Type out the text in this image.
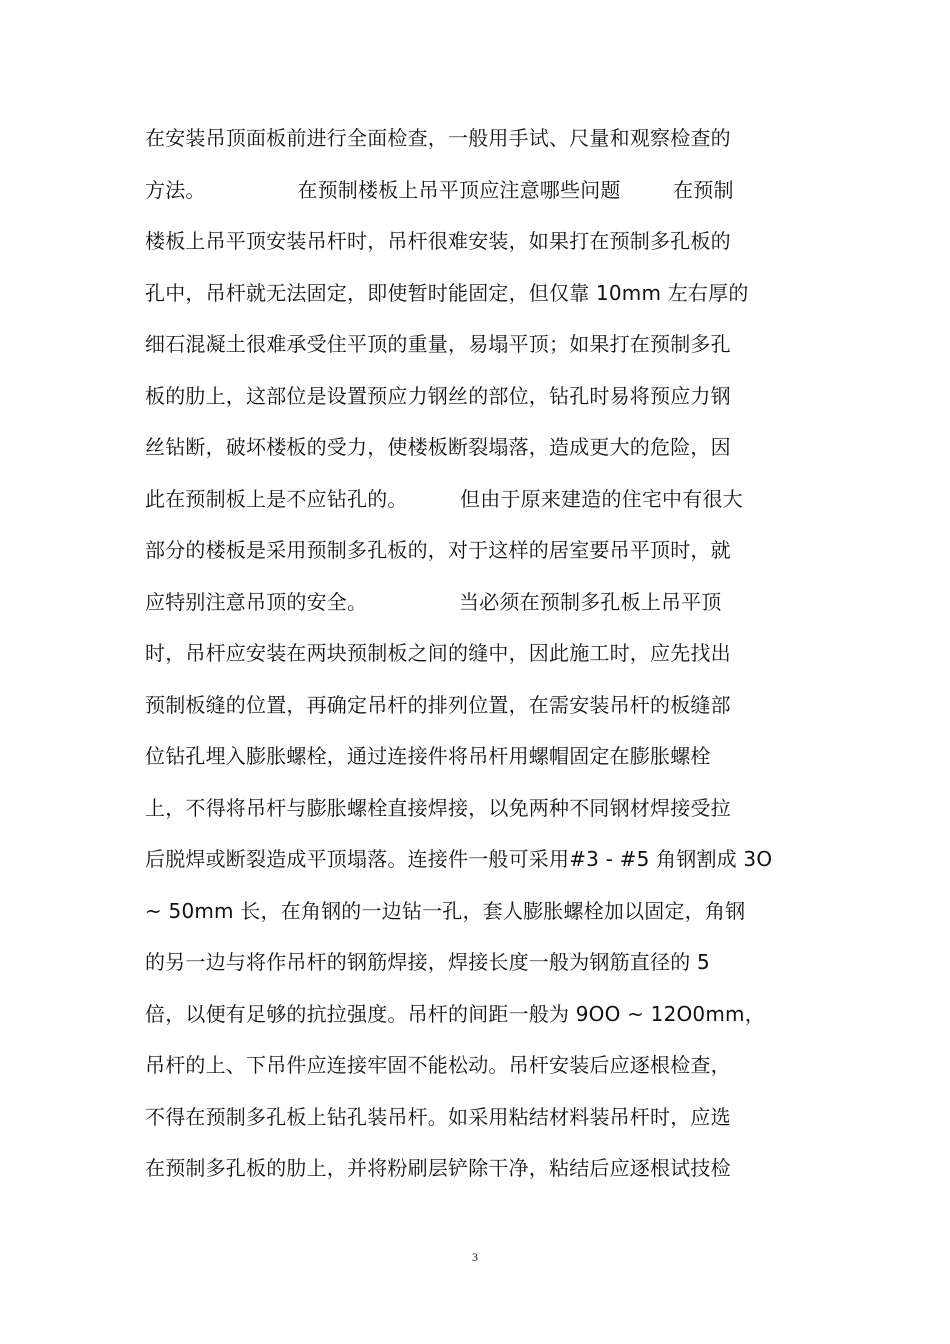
在安装吊顶面板前进行全面检查，一般用手试、尺量和观察检查的
方法。              在预制楼板上吊平顶应注意哪些问题        在预制
楼板上吊平顶安装吊杆时，吊杆很难安装，如果打在预制多孔板的
孔中，吊杆就无法固定，即使暂时能固定，但仅靠 10mm 左右厚的
细石混凝土很难承受住平顶的重量，易塌平顶；如果打在预制多孔
板的肋上，这部位是设置预应力钢丝的部位，钻孔时易将预应力钢
丝钻断，破坏楼板的受力，使楼板断裂塌落，造成更大的危险，因
此在预制板上是不应钻孔的。        但由于原来建造的住宅中有很大
部分的楼板是采用预制多孔板的，对于这样的居室要吊平顶时，就
应特别注意吊顶的安全。              当必须在预制多孔板上吊平顶
时，吊杆应安装在两块预制板之间的缝中，因此施工时，应先找出
预制板缝的位置，再确定吊杆的排列位置，在需安装吊杆的板缝部
位钻孔埋入膨胀螺栓，通过连接件将吊杆用螺帽固定在膨胀螺栓
上，不得将吊杆与膨胀螺栓直接焊接，以免两种不同钢材焊接受拉
后脱焊或断裂造成平顶塌落。连接件一般可采用#3 - #5 角钢割成 3O
~ 50mm 长，在角钢的一边钻一孔，套人膨胀螺栓加以固定，角钢
的另一边与将作吊杆的钢筋焊接，焊接长度一般为钢筋直径的 5
倍，以便有足够的抗拉强度。吊杆的间距一般为 9OO ~ 12O0mm，
吊杆的上、下吊件应连接牢固不能松动。吊杆安装后应逐根检查，
不得在预制多孔板上钻孔装吊杆。如采用粘结材料装吊杆时，应选
在预制多孔板的肋上，并将粉刷层铲除干净，粘结后应逐根试技检
3
